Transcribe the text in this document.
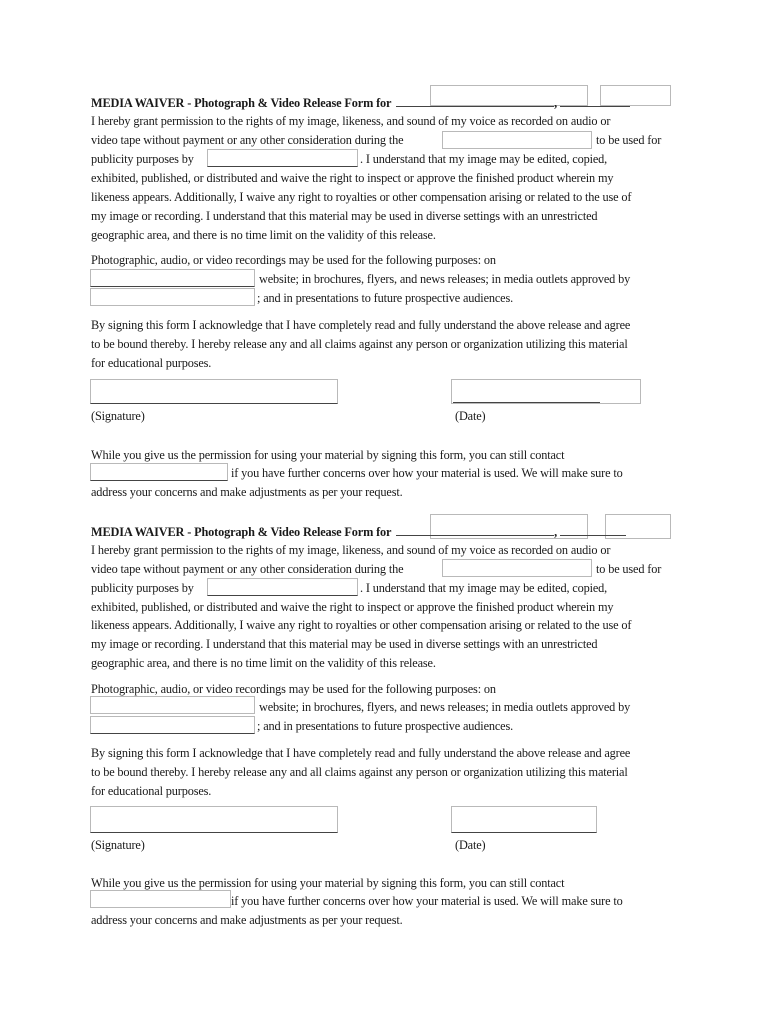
MEDIA WAIVER - Photograph & Video Release Form for	,
I hereby grant permission to the rights of my image, likeness, and sound of my voice as recorded on audio or
video tape without payment or any other consideration during the	to be used for
publicity purposes by	. I understand that my image may be edited, copied,
exhibited, published, or distributed and waive the right to inspect or approve the finished product wherein my
likeness appears. Additionally, I waive any right to royalties or other compensation arising or related to the use of
my image or recording. I understand that this material may be used in diverse settings with an unrestricted
geographic area, and there is no time limit on the validity of this release.
Photographic, audio, or video recordings may be used for the following purposes: on
website; in brochures, flyers, and news releases; in media outlets approved by
; and in presentations to future prospective audiences.
By signing this form I acknowledge that I have completely read and fully understand the above release and agree
to be bound thereby. I hereby release any and all claims against any person or organization utilizing this material
for educational purposes.
(Signature)	(Date)
While you give us the permission for using your material by signing this form, you can still contact
if you have further concerns over how your material is used. We will make sure to
address your concerns and make adjustments as per your request.
MEDIA WAIVER - Photograph & Video Release Form for	,
I hereby grant permission to the rights of my image, likeness, and sound of my voice as recorded on audio or
video tape without payment or any other consideration during the	to be used for
publicity purposes by	. I understand that my image may be edited, copied,
exhibited, published, or distributed and waive the right to inspect or approve the finished product wherein my
likeness appears. Additionally, I waive any right to royalties or other compensation arising or related to the use of
my image or recording. I understand that this material may be used in diverse settings with an unrestricted
geographic area, and there is no time limit on the validity of this release.
Photographic, audio, or video recordings may be used for the following purposes: on
website; in brochures, flyers, and news releases; in media outlets approved by
; and in presentations to future prospective audiences.
By signing this form I acknowledge that I have completely read and fully understand the above release and agree
to be bound thereby. I hereby release any and all claims against any person or organization utilizing this material
for educational purposes.
(Signature)	(Date)
While you give us the permission for using your material by signing this form, you can still contact
if you have further concerns over how your material is used. We will make sure to
address your concerns and make adjustments as per your request.
